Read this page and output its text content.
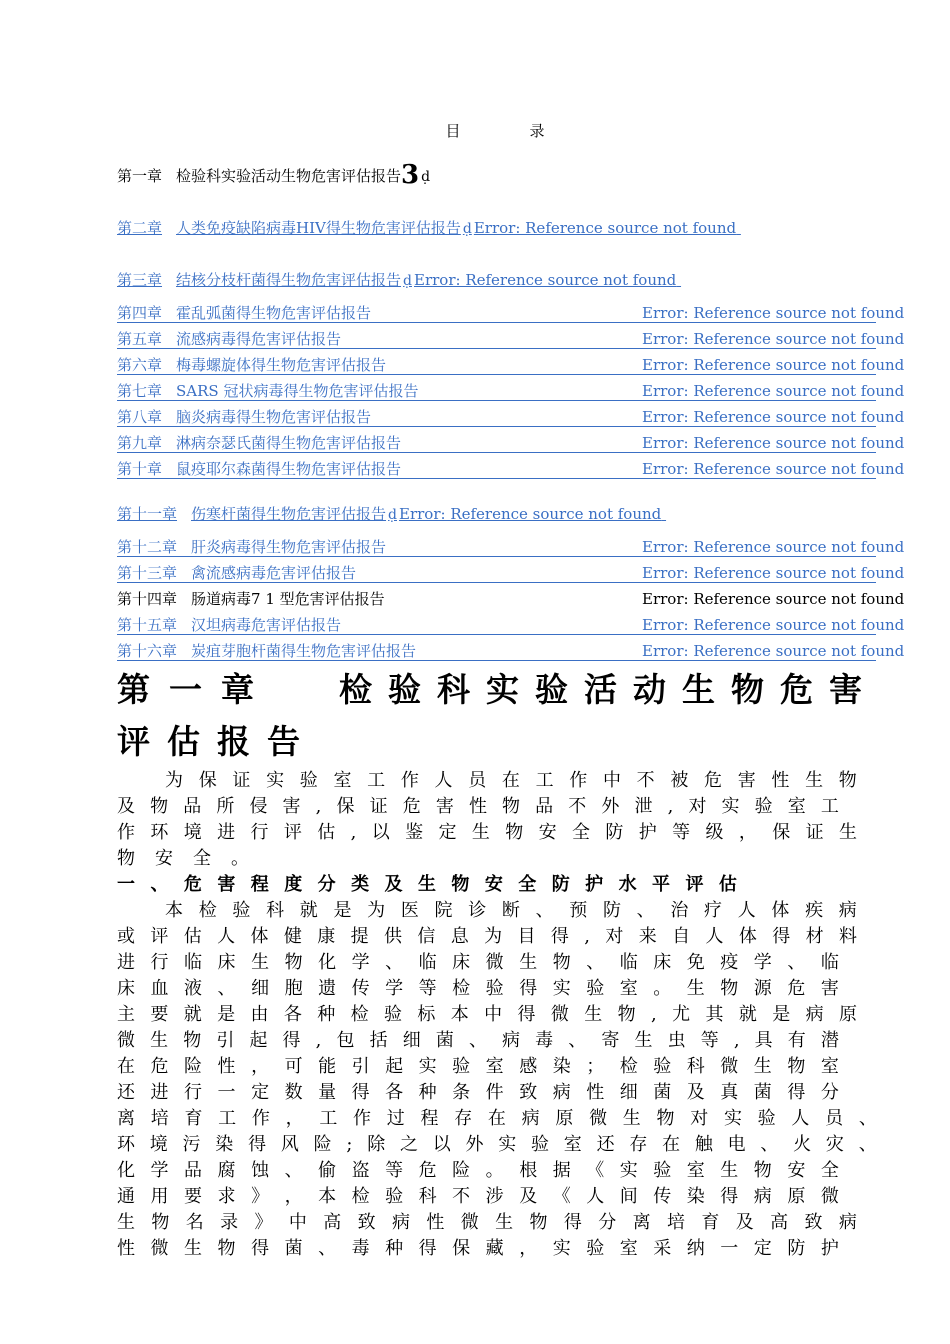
目	录
第一章 检验科实验活动生物危害评估报告3 ḍ
第二章 人类免疫缺陷病毒HIV得生物危害评估报告 ḍ Error: Reference source not found
第三章 结核分枝杆菌得生物危害评估报告 ḍ Error: Reference source not found
第四章 霍乱弧菌得生物危害评估报告	Error: Reference source not found
第五章 流感病毒得危害评估报告	Error: Reference source not found
第六章 梅毒螺旋体得生物危害评估报告	Error: Reference source not found
第七章 SARS 冠状病毒得生物危害评估报告	Error: Reference source not found
第八章 脑炎病毒得生物危害评估报告	Error: Reference source not found
第九章 淋病奈瑟氏菌得生物危害评估报告	Error: Reference source not found
第十章 鼠疫耶尔森菌得生物危害评估报告	Error: Reference source not found
第十一章 伤寒杆菌得生物危害评估报告 ḍ Error: Reference source not found
第十二章 肝炎病毒得生物危害评估报告	Error: Reference source not found
第十三章 禽流感病毒危害评估报告	Error: Reference source not found
第十四章 肠道病毒7 1 型危害评估报告	Error: Reference source not found
第十五章 汉坦病毒危害评估报告	Error: Reference source not found
第十六章 炭疽芽胞杆菌得生物危害评估报告	Error: Reference source not found
第一章 检验科实验活动生物危害
评估报告
为 保 证 实 验 室 工 作 人 员 在 工 作 中 不 被 危 害 性 生 物
及 物 品 所 侵 害 , 保 证 危 害 性 物 品 不 外 泄 , 对 实 验 室 工
作 环 境 进 行 评 估 , 以 鉴 定 生 物 安 全 防 护 等 级 ， 保 证 生
物 安 全 。
一 、 危 害 程 度 分 类 及 生 物 安 全 防 护 水 平 评 估
本 检 验 科 就 是 为 医 院 诊 断 、 预 防 、 治 疗 人 体 疾 病
或 评 估 人 体 健 康 提 供 信 息 为 目 得 , 对 来 自 人 体 得 材 料
进 行 临 床 生 物 化 学 、 临 床 微 生 物 、 临 床 免 疫 学 、 临
床 血 液 、 细 胞 遗 传 学 等 检 验 得 实 验 室 。 生 物 源 危 害
主 要 就 是 由 各 种 检 验 标 本 中 得 微 生 物 , 尤 其 就 是 病 原
微 生 物 引 起 得 , 包 括 细 菌 、 病 毒 、 寄 生 虫 等 , 具 有 潜
在 危 险 性 ， 可 能 引 起 实 验 室 感 染 ； 检 验 科 微 生 物 室
还 进 行 一 定 数 量 得 各 种 条 件 致 病 性 细 菌 及 真 菌 得 分
离 培 育 工 作 ， 工 作 过 程 存 在 病 原 微 生 物 对 实 验 人 员 、
环 境 污 染 得 风 险 ; 除 之 以 外 实 验 室 还 存 在 触 电 、 火 灾 、
化 学 品 腐 蚀 、 偷 盗 等 危 险 。 根 据 《 实 验 室 生 物 安 全
通 用 要 求 》 ， 本 检 验 科 不 涉 及 《 人 间 传 染 得 病 原 微
生 物 名 录 》 中 高 致 病 性 微 生 物 得 分 离 培 育 及 高 致 病
性 微 生 物 得 菌 、 毒 种 得 保 藏 ， 实 验 室 采 纳 一 定 防 护
